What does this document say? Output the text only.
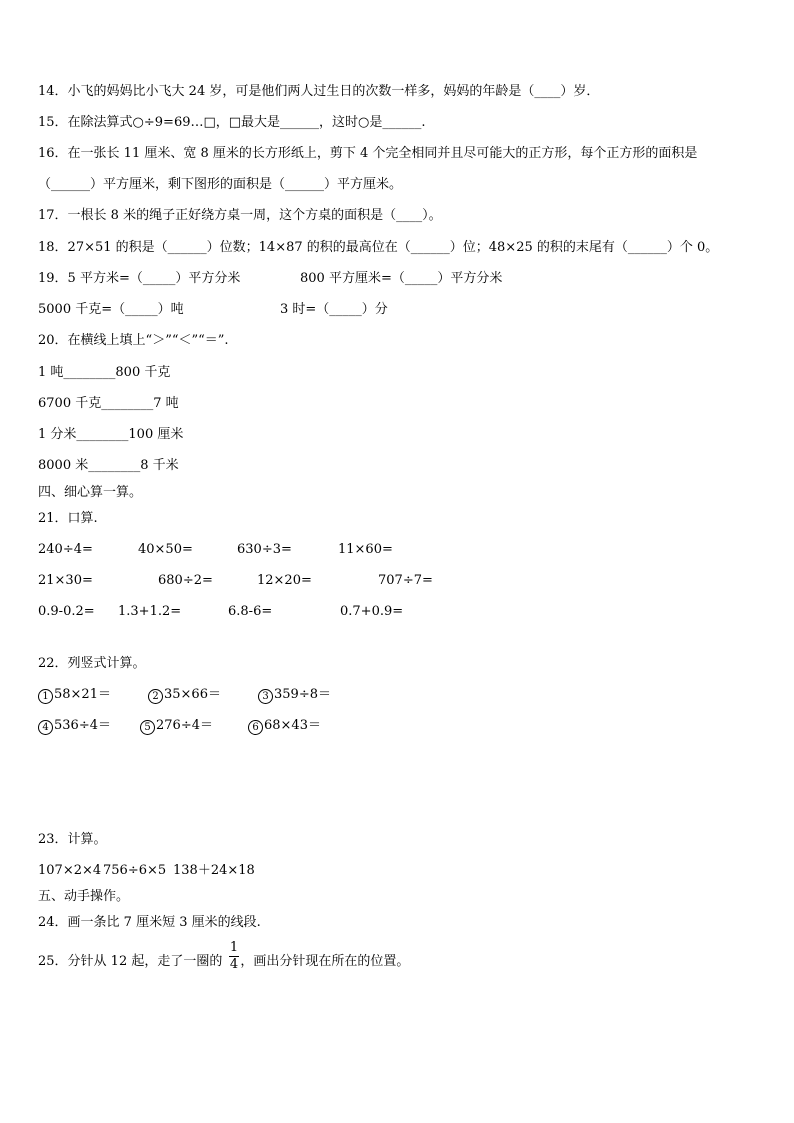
14．小飞的妈妈比小飞大 24 岁，可是他们两人过生日的次数一样多，妈妈的年龄是（____）岁．
15．在除法算式○÷9=69…□，□最大是______，这时○是______.
16．在一张长 11 厘米、宽 8 厘米的长方形纸上，剪下 4 个完全相同并且尽可能大的正方形，每个正方形的面积是
（______）平方厘米，剩下图形的面积是（______）平方厘米。
17．一根长 8 米的绳子正好绕方桌一周，这个方桌的面积是（____）。
18．27×51 的积是（______）位数；14×87 的积的最高位在（______）位；48×25 的积的末尾有（______）个 0。
19．5 平方米=（_____）平方分米	800 平方厘米=（_____）平方分米
5000 千克=（_____）吨	3 时=（_____）分
20．在横线上填上“＞”“＜”“＝”.
1 吨________800 千克
6700 千克________7 吨
1 分米________100 厘米
8000 米________8 千米
四、细心算一算。
21．口算.
240÷4=	40×50=	630÷3=	11×60=
21×30=	680÷2=	12×20=	707÷7=
0.9-0.2= 1.3+1.2=	6.8-6=	0.7+0.9=
22．列竖式计算。
1 58×21＝	2 35×66＝	3 359÷8＝
4 536÷4＝	5 276÷4＝	6 68×43＝
23．计算。
107×2×4 756÷6×5 138＋24×18
五、动手操作。
24．画一条比 7 厘米短 3 厘米的线段.
25．分针从 12 起，走了一圈的 ，画出分针现在所在的位置。
1
4
